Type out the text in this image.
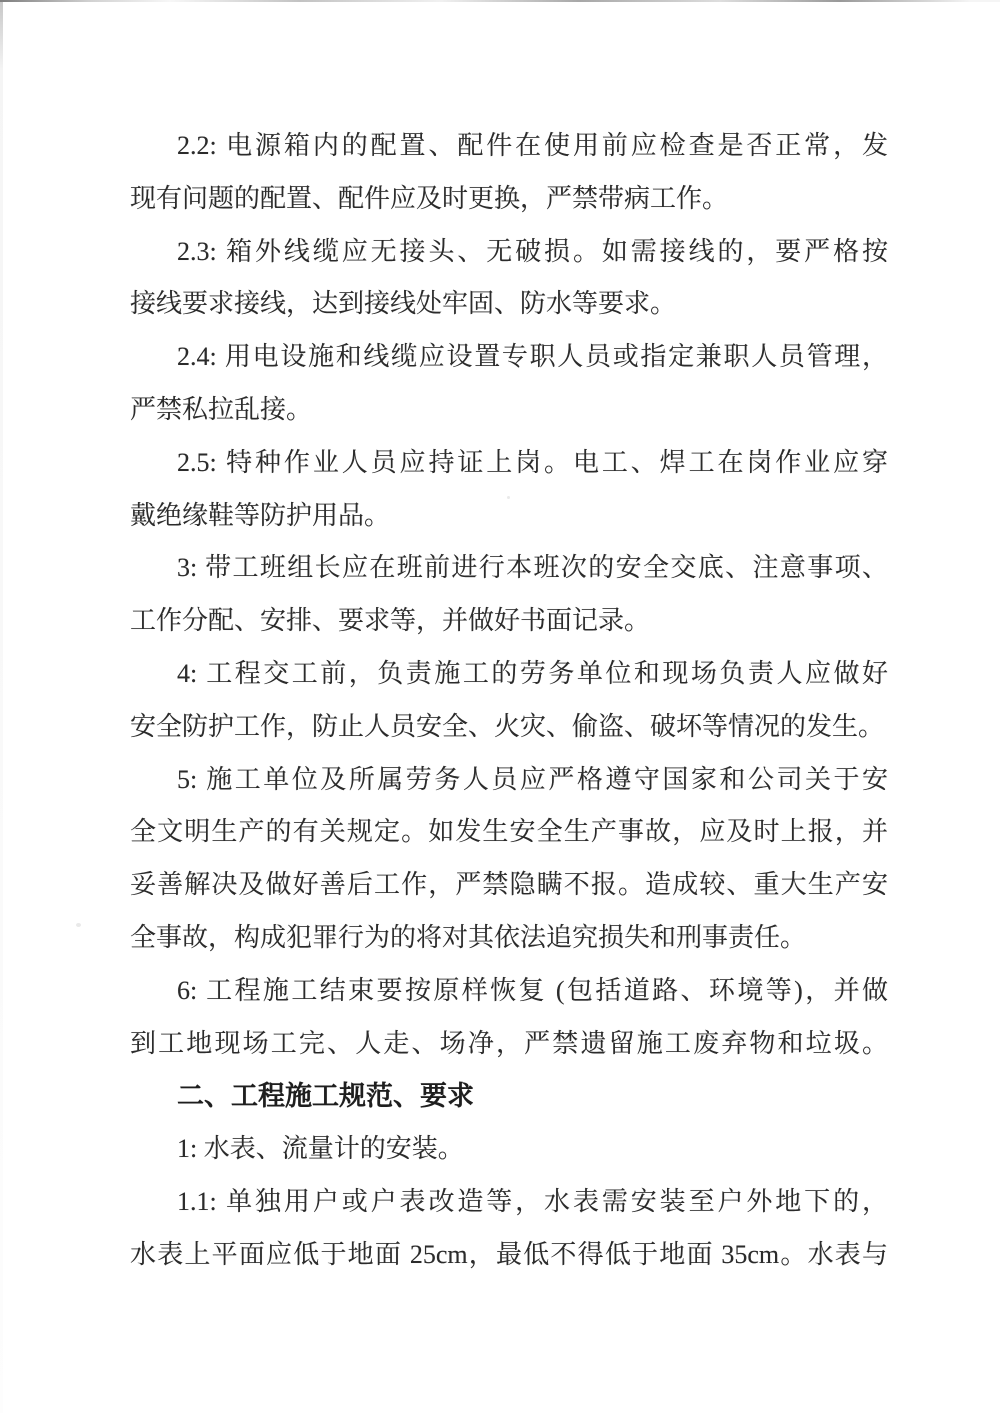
2.2: 电源箱内的配置、配件在使用前应检查是否正常，发

现有问题的配置、配件应及时更换，严禁带病工作。

2.3: 箱外线缆应无接头、无破损。如需接线的，要严格按

接线要求接线，达到接线处牢固、防水等要求。

2.4: 用电设施和线缆应设置专职人员或指定兼职人员管理，

严禁私拉乱接。

2.5: 特种作业人员应持证上岗。电工、焊工在岗作业应穿

戴绝缘鞋等防护用品。

3: 带工班组长应在班前进行本班次的安全交底、注意事项、

工作分配、安排、要求等，并做好书面记录。

4: 工程交工前，负责施工的劳务单位和现场负责人应做好

安全防护工作，防止人员安全、火灾、偷盗、破坏等情况的发生。

5: 施工单位及所属劳务人员应严格遵守国家和公司关于安

全文明生产的有关规定。如发生安全生产事故，应及时上报，并

妥善解决及做好善后工作，严禁隐瞒不报。造成较、重大生产安

全事故，构成犯罪行为的将对其依法追究损失和刑事责任。

6: 工程施工结束要按原样恢复 (包括道路、环境等)，并做

到工地现场工完、人走、场净，严禁遗留施工废弃物和垃圾。

二、工程施工规范、要求

1: 水表、流量计的安装。

1.1: 单独用户或户表改造等，水表需安装至户外地下的，

水表上平面应低于地面 25cm，最低不得低于地面 35cm。水表与
